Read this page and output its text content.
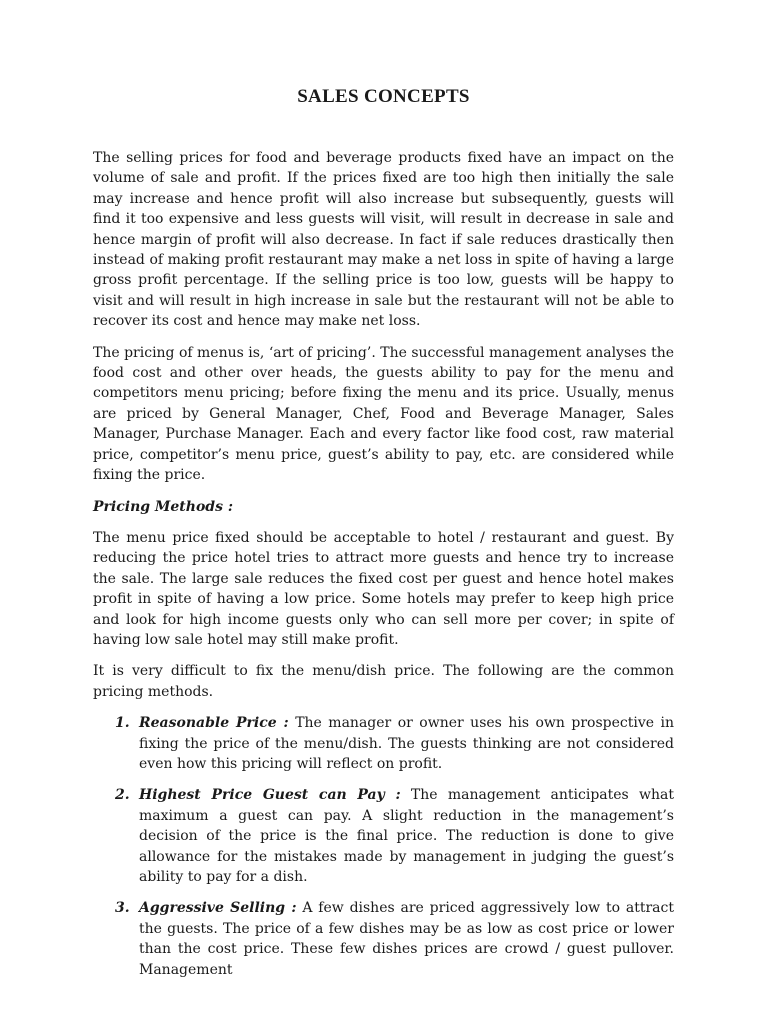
SALES CONCEPTS

The selling prices for food and beverage products fixed have an impact on the volume of sale and profit. If the prices fixed are too high then initially the sale may increase and hence profit will also increase but subsequently, guests will find it too expensive and less guests will visit, will result in decrease in sale and hence margin of profit will also decrease. In fact if sale reduces drastically then instead of making profit restaurant may make a net loss in spite of having a large gross profit percentage. If the selling price is too low, guests will be happy to visit and will result in high increase in sale but the restaurant will not be able to recover its cost and hence may make net loss.

The pricing of menus is, ‘art of pricing’. The successful management analyses the food cost and other over heads, the guests ability to pay for the menu and competitors menu pricing; before fixing the menu and its price. Usually, menus are priced by General Manager, Chef, Food and Beverage Manager, Sales Manager, Purchase Manager. Each and every factor like food cost, raw material price, competitor’s menu price, guest’s ability to pay, etc. are considered while fixing the price.

Pricing Methods :

The menu price fixed should be acceptable to hotel / restaurant and guest. By reducing the price hotel tries to attract more guests and hence try to increase the sale. The large sale reduces the fixed cost per guest and hence hotel makes profit in spite of having a low price. Some hotels may prefer to keep high price and look for high income guests only who can sell more per cover; in spite of having low sale hotel may still make profit.

It is very difficult to fix the menu/dish price. The following are the common pricing methods.

1. Reasonable Price : The manager or owner uses his own prospective in fixing the price of the menu/dish. The guests thinking are not considered even how this pricing will reflect on profit.
2. Highest Price Guest can Pay : The management anticipates what maximum a guest can pay. A slight reduction in the management’s decision of the price is the final price. The reduction is done to give allowance for the mistakes made by management in judging the guest’s ability to pay for a dish.
3. Aggressive Selling : A few dishes are priced aggressively low to attract the guests. The price of a few dishes may be as low as cost price or lower than the cost price. These few dishes prices are crowd / guest pullover. Management
